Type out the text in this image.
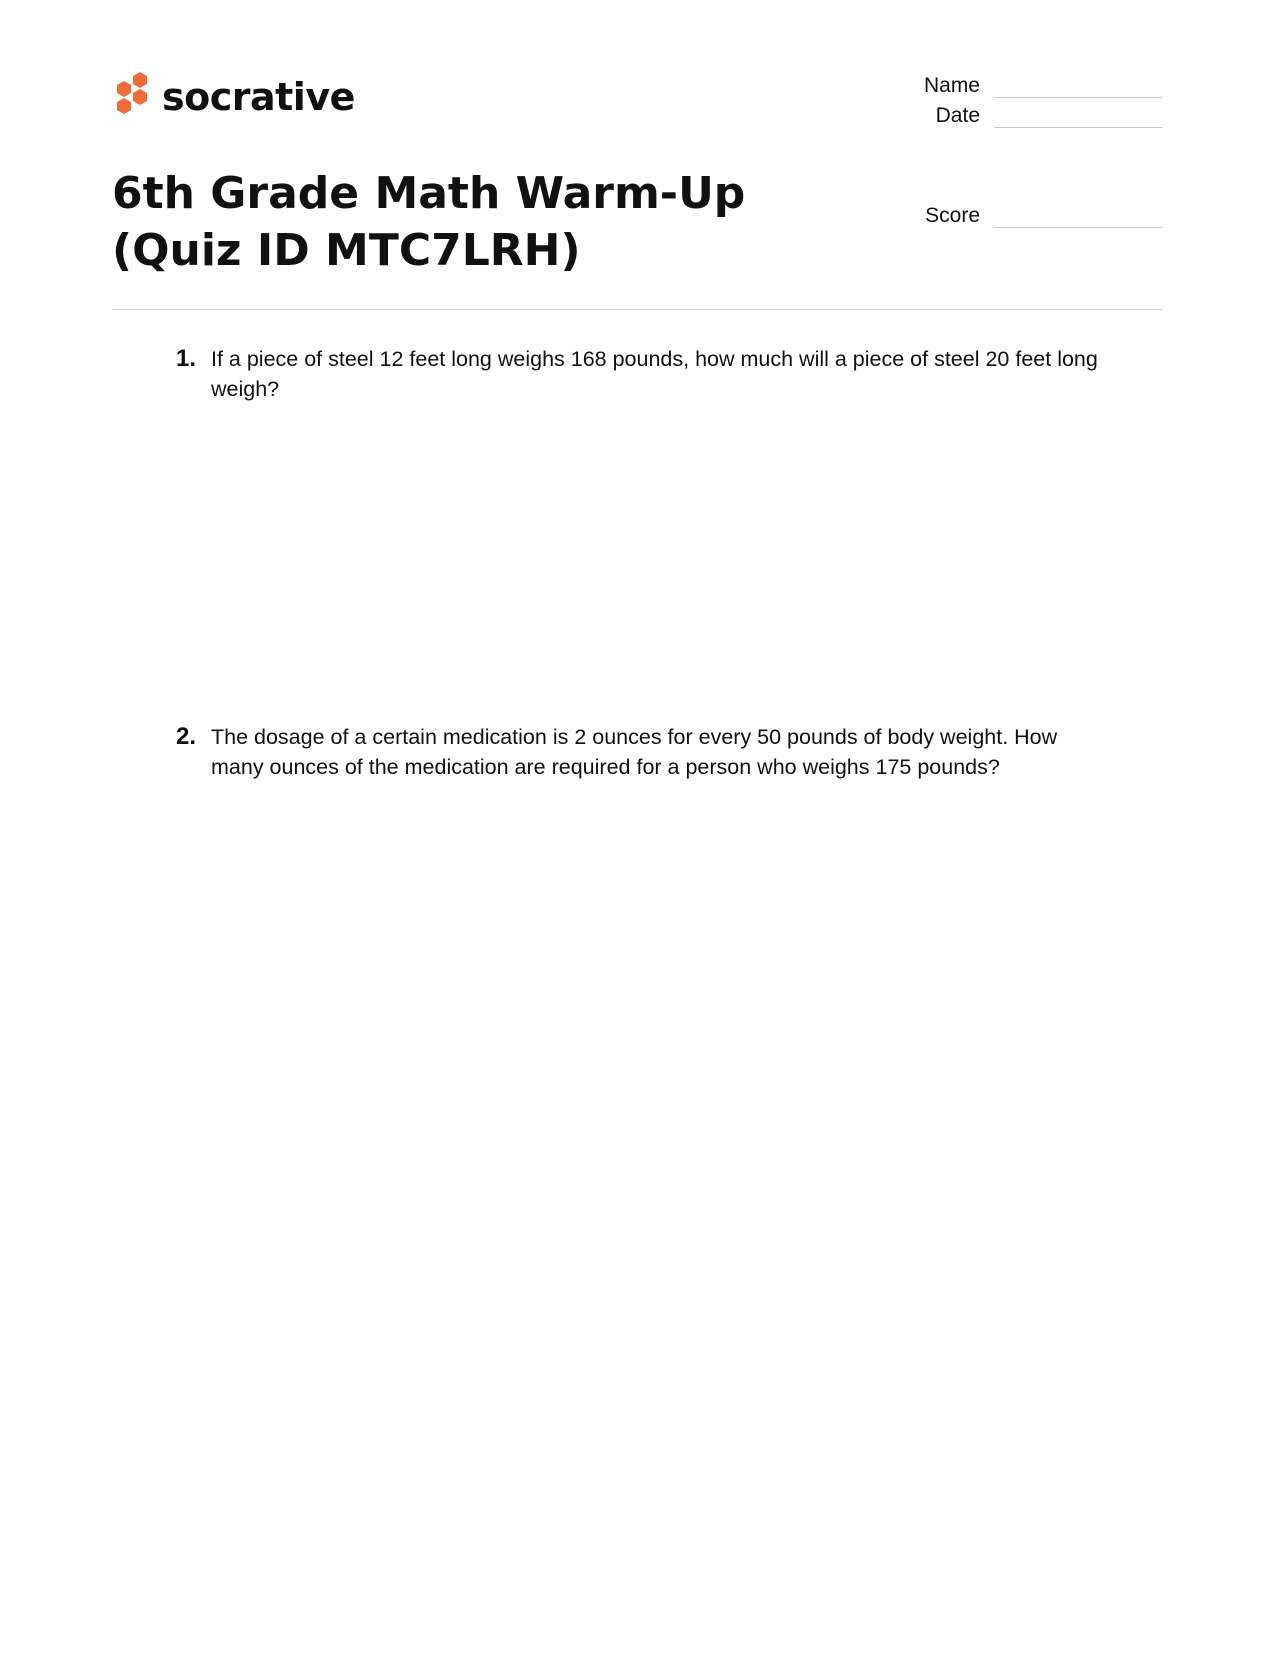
socrative	Name
Date
Score
6th Grade Math Warm-Up (Quiz ID MTC7LRH)
1. If a piece of steel 12 feet long weighs 168 pounds, how much will a piece of steel 20 feet long weigh?
2. The dosage of a certain medication is 2 ounces for every 50 pounds of body weight. How many ounces of the medication are required for a person who weighs 175 pounds?
